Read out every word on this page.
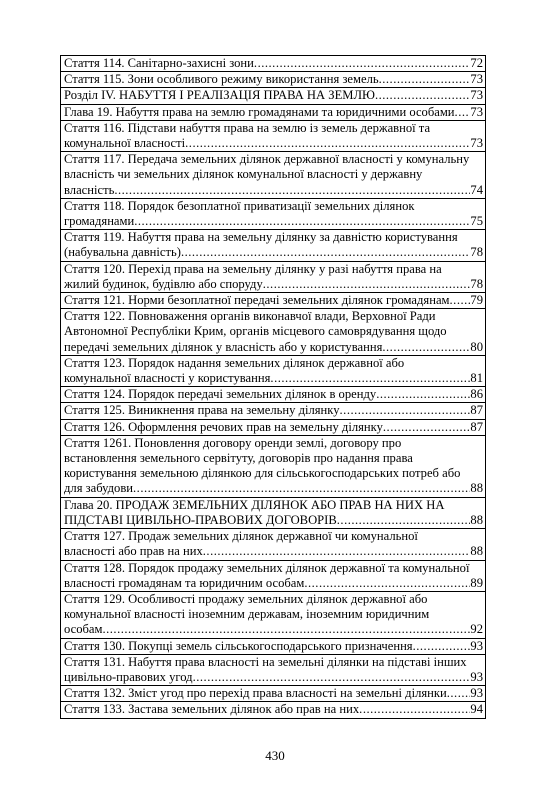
Стаття 114. Санітарно-захисні зони .....	72
Стаття 115. Зони особливого режиму використання земель .....	73
Розділ IV. НАБУТТЯ І РЕАЛІЗАЦІЯ ПРАВА НА ЗЕМЛЮ .....	73
Глава 19. Набуття права на землю громадянами та юридичними особами ..... 73
Стаття 116. Підстави набуття права на землю із земель державної та
комунальної власності .....	73
Стаття 117. Передача земельних ділянок державної власності у комунальну
власність чи земельних ділянок комунальної власності у державну
власність .....	74
Стаття 118. Порядок безоплатної приватизації земельних ділянок
громадянами .....	75
Стаття 119. Набуття права на земельну ділянку за давністю користування
(набувальна давність) .....	78
Стаття 120. Перехід права на земельну ділянку у разі набуття права на
жилий будинок, будівлю або споруду .....	78
Стаття 121. Норми безоплатної передачі земельних ділянок громадянам ..... 79
Стаття 122. Повноваження органів виконавчої влади, Верховної Ради
Автономної Республіки Крим, органів місцевого самоврядування щодо
передачі земельних ділянок у власність або у користування .....	80
Стаття 123. Порядок надання земельних ділянок державної або
комунальної власності у користування .....	81
Стаття 124. Порядок передачі земельних ділянок в оренду .....	86
Стаття 125. Виникнення права на земельну ділянку .....	87
Стаття 126. Оформлення речових прав на земельну ділянку .....	87
Стаття 1261. Поновлення договору оренди землі, договору про
встановлення земельного сервітуту, договорів про надання права
користування земельною ділянкою для сільськогосподарських потреб або
для забудови .....	88
Глава 20. ПРОДАЖ ЗЕМЕЛЬНИХ ДІЛЯНОК АБО ПРАВ НА НИХ НА
ПІДСТАВІ ЦИВІЛЬНО-ПРАВОВИХ ДОГОВОРІВ .....	88
Стаття 127. Продаж земельних ділянок державної чи комунальної
власності або прав на них .....	88
Стаття 128. Порядок продажу земельних ділянок державної та комунальної
власності громадянам та юридичним особам .....	89
Стаття 129. Особливості продажу земельних ділянок державної або
комунальної власності іноземним державам, іноземним юридичним
особам .....	92
Стаття 130. Покупці земель сільськогосподарського призначення .....	93
Стаття 131. Набуття права власності на земельні ділянки на підставі інших
цивільно-правових угод .....	93
Стаття 132. Зміст угод про перехід права власності на земельні ділянки ..... 93
Стаття 133. Застава земельних ділянок або прав на них .....	94
430
